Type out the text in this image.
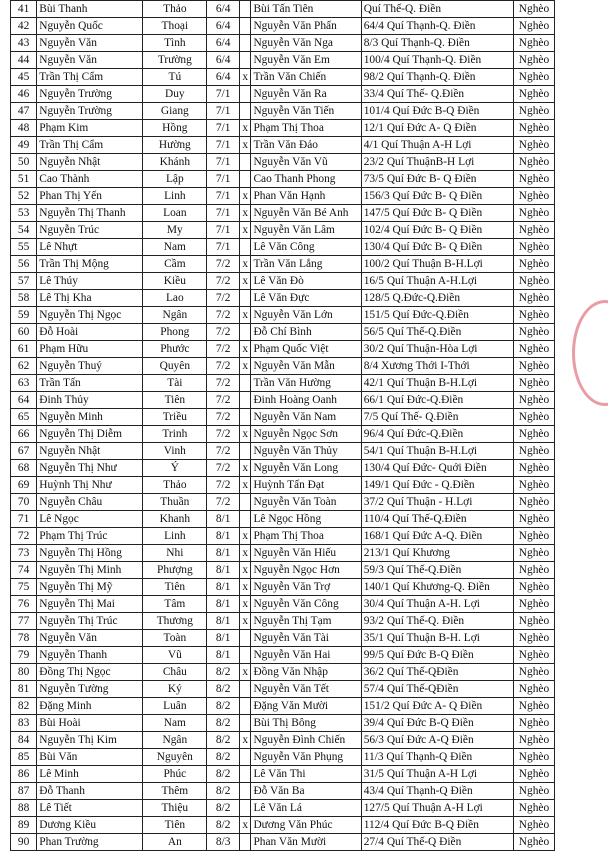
41	Bùi Thanh	Thảo	6/4		Bùi Tấn Tiên	Quí Thế-Q. Điền	Nghèo
42	Nguyễn Quốc	Thoại	6/4		Nguyễn Văn Phấn	64/4 Quí Thạnh-Q. Điền	Nghèo
43	Nguyễn Văn	Tình	6/4		Nguyễn Văn Nga	8/3 Quí Thạnh-Q. Điền	Nghèo
44	Nguyễn Văn	Trường	6/4		Nguyễn Văn Em	100/4 Quí Thạnh-Q. Điền	Nghèo
45	Trần Thị Cẩm	Tú	6/4	x	Trần Văn Chiến	98/2 Quí Thạnh-Q. Điền	Nghèo
46	Nguyễn Trường	Duy	7/1		Nguyễn Văn Ra	33/4 Quí Thế- Q.Điền	Nghèo
47	Nguyễn Trường	Giang	7/1		Nguyễn Văn Tiến	101/4 Quí Đức B-Q Điền	Nghèo
48	Phạm Kim	Hồng	7/1	x	Phạm Thị Thoa	12/1 Quí Đức A- Q Điền	Nghèo
49	Trần Thị Cẩm	Hường	7/1	x	Trần Văn Đảo	4/1 Quí Thuận A-H Lợi	Nghèo
50	Nguyễn Nhật	Khánh	7/1		Nguyễn Văn Vũ	23/2 Quí ThuậnB-H Lợi	Nghèo
51	Cao Thành	Lập	7/1		Cao Thanh Phong	73/5 Quí Đức B- Q Điền	Nghèo
52	Phan Thị Yến	Linh	7/1	x	Phan Văn Hạnh	156/3 Quí Đức B- Q Điền	Nghèo
53	Nguyễn Thị Thanh	Loan	7/1	x	Nguyễn Văn Bé Anh	147/5 Quí Đức B- Q Điền	Nghèo
54	Nguyễn Trúc	My	7/1	x	Nguyễn Văn Lâm	102/4 Quí Đức B- Q Điền	Nghèo
55	Lê Nhựt	Nam	7/1		Lê Văn Công	130/4 Quí Đức B- Q Điền	Nghèo
56	Trần Thị Mộng	Cầm	7/2	x	Trần Văn Lắng	100/2 Quí Thuận B-H.Lợi	Nghèo
57	Lê Thúy	Kiều	7/2	x	Lê Văn Đò	16/5 Quí Thuận A-H.Lợi	Nghèo
58	Lê Thị Kha	Lao	7/2		Lê Văn Đực	128/5 Q.Đức-Q.Điền	Nghèo
59	Nguyễn Thị Ngọc	Ngân	7/2	x	Nguyễn Văn Lớn	151/5 Quí Đức-Q.Điền	Nghèo
60	Đỗ Hoài	Phong	7/2		Đỗ Chí Bình	56/5 Quí Thế-Q.Điền	Nghèo
61	Phạm Hữu	Phước	7/2	x	Phạm Quốc Việt	30/2 Quí Thuận-Hòa Lợi	Nghèo
62	Nguyễn Thuý	Quyên	7/2	x	Nguyễn Văn Mẫn	8/4 Xương Thới I-Thới	Nghèo
63	Trần Tấn	Tài	7/2		Trần Văn Hường	42/1 Quí Thuận B-H.Lợi	Nghèo
64	Đinh Thủy	Tiên	7/2		Đinh Hoàng Oanh	66/1 Quí Đức-Q.Điền	Nghèo
65	Nguyễn Minh	Triều	7/2		Nguyễn Văn Nam	7/5 Quí Thế- Q.Điền	Nghèo
66	Nguyễn Thị Diễm	Trinh	7/2	x	Nguyễn Ngọc Sơn	96/4 Quí Đức-Q.Điền	Nghèo
67	Nguyễn Nhật	Vinh	7/2		Nguyễn Văn Thủy	54/1 Quí Thuận B-H.Lợi	Nghèo
68	Nguyễn Thị Như	Ý	7/2	x	Nguyễn Văn Long	130/4 Quí Đức- Quới Điền	Nghèo
69	Huỳnh Thị Như	Thảo	7/2	x	Huỳnh Tấn Đạt	149/1 Quí Đức - Q.Điền	Nghèo
70	Nguyễn Châu	Thuần	7/2		Nguyễn Văn Toàn	37/2 Quí Thuận - H.Lợi	Nghèo
71	Lê Ngọc	Khanh	8/1		Lê Ngọc Hồng	110/4 Quí Thế-Q.Điền	Nghèo
72	Phạm Thị Trúc	Linh	8/1	x	Phạm Thị Thoa	168/1 Quí Đức A-Q. Điền	Nghèo
73	Nguyễn Thị Hồng	Nhi	8/1	x	Nguyễn Văn Hiếu	213/1 Quí Khương	Nghèo
74	Nguyễn Thị Minh	Phượng	8/1	x	Nguyễn Ngọc Hơn	59/3 Quí Thế-Q.Điền	Nghèo
75	Nguyễn Thị Mỹ	Tiên	8/1	x	Nguyễn Văn Trợ	140/1 Quí Khương-Q. Điền	Nghèo
76	Nguyễn Thị Mai	Tâm	8/1	x	Nguyễn Văn Công	30/4 Quí Thuận A-H. Lợi	Nghèo
77	Nguyễn Thị Trúc	Thương	8/1	x	Nguyễn Thị Tạm	93/2 Quí Thế-Q. Điền	Nghèo
78	Nguyễn Văn	Toàn	8/1		Nguyễn Văn Tài	35/1 Quí Thuận B-H. Lợi	Nghèo
79	Nguyễn Thanh	Vũ	8/1		Nguyễn Văn Hai	99/5 Quí Đức B-Q Điền	Nghèo
80	Đồng Thị Ngọc	Châu	8/2	x	Đồng Văn Nhập	36/2 Quí Thế-QĐiền	Nghèo
81	Nguyễn Tường	Ký	8/2		Nguyễn Văn Tết	57/4 Quí Thế-QĐiền	Nghèo
82	Đặng Minh	Luân	8/2		Đặng Văn Mười	151/2 Quí Đức A- Q Điền	Nghèo
83	Bùi Hoài	Nam	8/2		Bùi Thị Bông	39/4 Quí Đức B-Q Điền	Nghèo
84	Nguyễn Thị Kim	Ngân	8/2	x	Nguyễn Đình Chiến	56/3 Quí Đức A-Q Điền	Nghèo
85	Bùi Văn	Nguyên	8/2		Nguyễn Văn Phụng	11/3 Quí Thạnh-Q Điền	Nghèo
86	Lê Minh	Phúc	8/2		Lê Văn Thi	31/5 Quí Thuận A-H Lợi	Nghèo
87	Đỗ Thanh	Thêm	8/2		Đỗ Văn Ba	43/4 Quí Thạnh-Q Điền	Nghèo
88	Lê Tiết	Thiệu	8/2		Lê Văn Lá	127/5 Quí Thuận A-H Lợi	Nghèo
89	Dương Kiều	Tiên	8/2	x	Dương Văn Phúc	112/4 Quí Đức B-Q Điền	Nghèo
90	Phan Trường	An	8/3		Phan Văn Mười	27/4 Quí Thế-Q Điền	Nghèo
